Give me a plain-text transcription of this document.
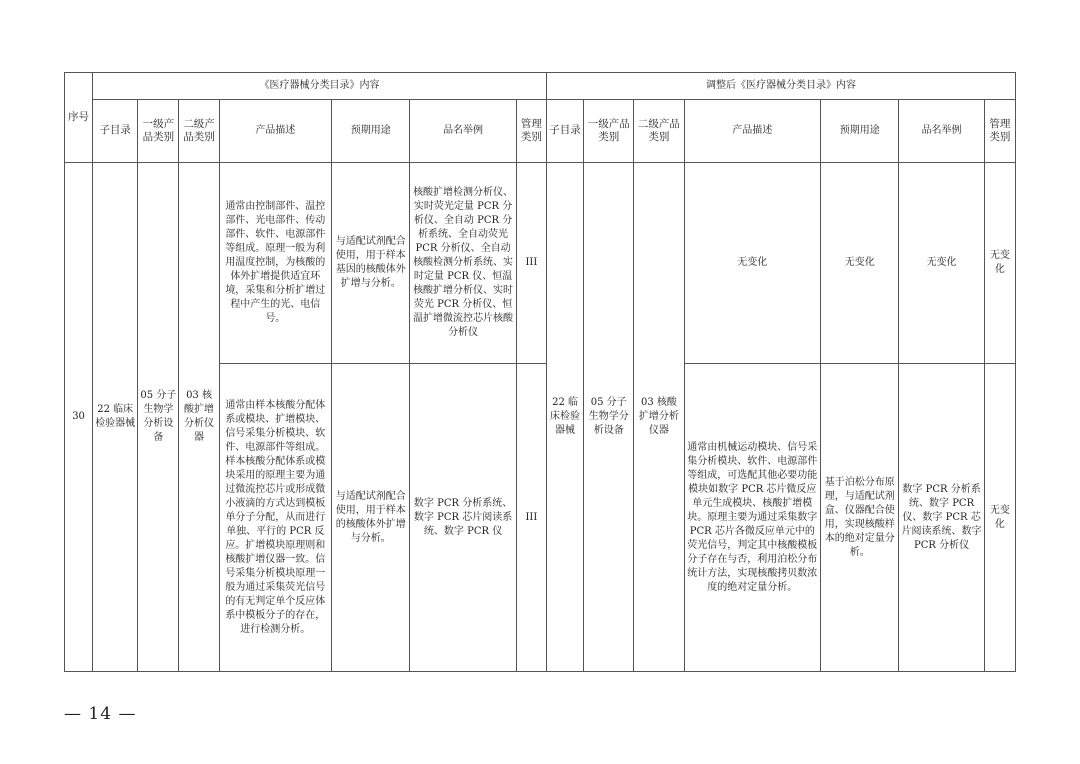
序号	《医疗器械分类目录》内容							调整后《医疗器械分类目录》内容						
	子目录	一级产品类别	二级产品类别	产品描述	预期用途	品名举例	管理类别	子目录	一级产品类别	二级产品类别	产品描述	预期用途	品名举例	管理类别
30	22 临床检验器械	05 分子生物学分析设备	03 核酸扩增分析仪器	通常由控制部件、温控部件、光电部件、传动部件、软件、电源部件等组成。原理一般为利用温度控制，为核酸的体外扩增提供适宜环境，采集和分析扩增过程中产生的光、电信号。	与适配试剂配合使用，用于样本基因的核酸体外扩增与分析。	核酸扩增检测分析仪、实时荧光定量 PCR 分析仪、全自动 PCR 分析系统、全自动荧光 PCR 分析仪、全自动核酸检测分析系统、实时定量 PCR 仪、恒温核酸扩增分析仪、实时荧光 PCR 分析仪、恒温扩增微流控芯片核酸分析仪	III	22 临床检验器械	05 分子生物学分析设备	03 核酸扩增分析仪器	无变化	无变化	无变化	无变化
				通常由样本核酸分配体系或模块、扩增模块、信号采集分析模块、软件、电源部件等组成。样本核酸分配体系或模块采用的原理主要为通过微流控芯片或形成微小液滴的方式达到模板单分子分配，从而进行单独、平行的 PCR 反应。扩增模块原理则和核酸扩增仪器一致。信号采集分析模块原理一般为通过采集荧光信号的有无判定单个反应体系中模板分子的存在，进行检测分析。	与适配试剂配合使用，用于样本的核酸体外扩增与分析。	数字 PCR 分析系统、数字 PCR 芯片阅读系统、数字 PCR 仪	III				通常由机械运动模块、信号采集分析模块、软件、电源部件等组成，可选配其他必要功能模块如数字 PCR 芯片微反应单元生成模块、核酸扩增模块。原理主要为通过采集数字 PCR 芯片各微反应单元中的荧光信号，判定其中核酸模板分子存在与否，利用泊松分布统计方法，实现核酸拷贝数浓度的绝对定量分析。	基于泊松分布原理，与适配试剂盒、仪器配合使用，实现核酸样本的绝对定量分析。	数字 PCR 分析系统、数字 PCR 仪、数字 PCR 芯片阅读系统、数字 PCR 分析仪	无变化
— 14 —
